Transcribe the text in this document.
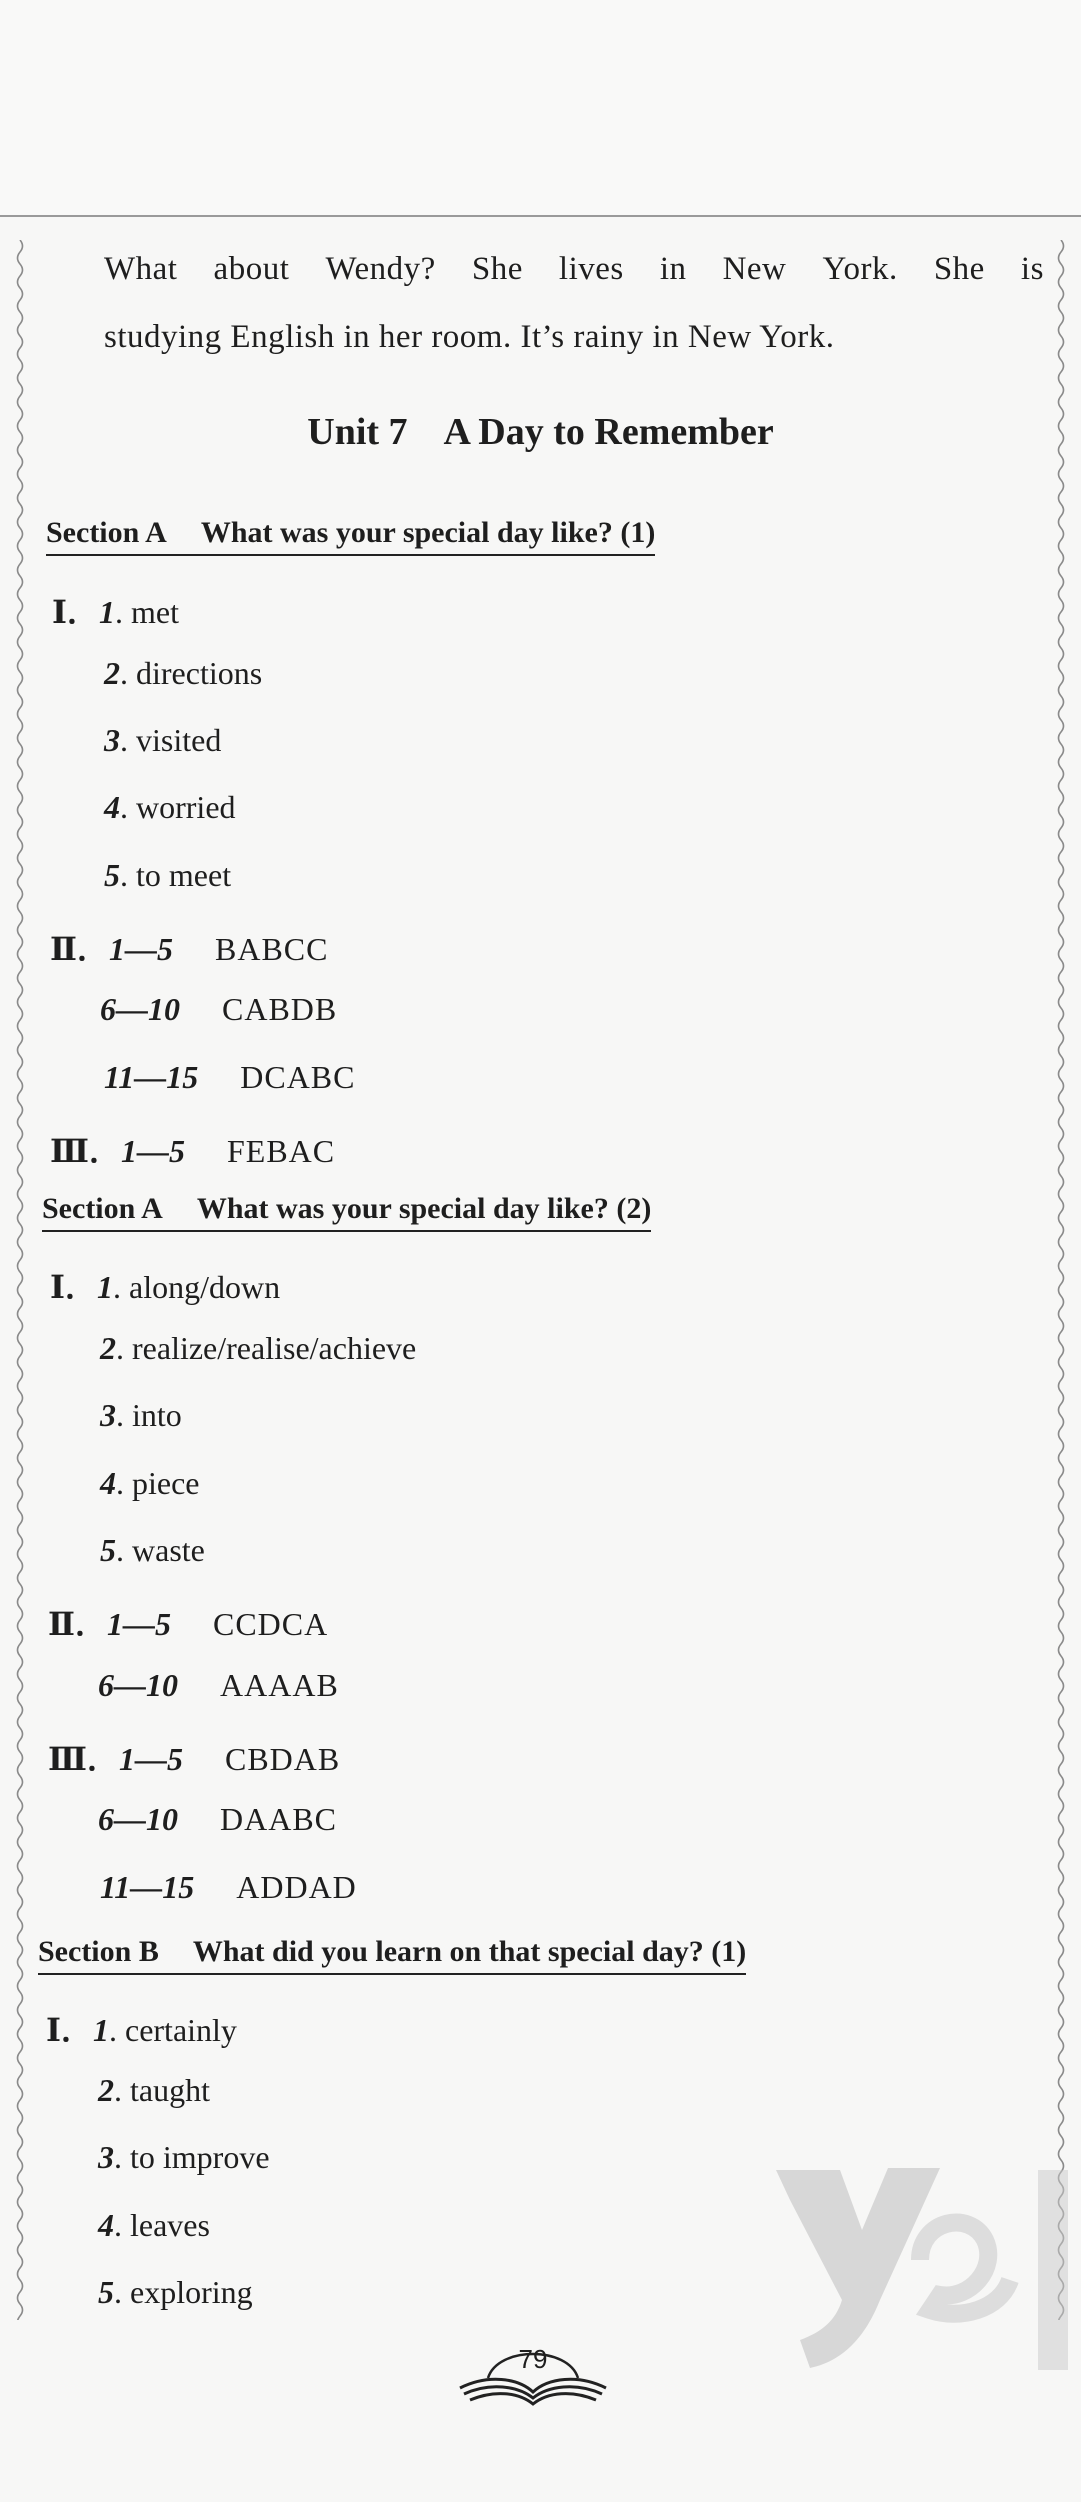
What about Wendy? She lives in New York. She is
studying English in her room. It’s rainy in New York.
Unit 7    A Day to Remember
Section A What was your special day like? (1)
Ⅰ．1. met
2. directions
3. visited
4. worried
5. to meet
Ⅱ．1—5 BABCC
6—10 CABDB
11—15 DCABC
Ⅲ．1—5 FEBAC
Section A What was your special day like? (2)
Ⅰ．1. along/down
2. realize/realise/achieve
3. into
4. piece
5. waste
Ⅱ．1—5 CCDCA
6—10 AAAAB
Ⅲ．1—5 CBDAB
6—10 DAABC
11—15 ADDAD
Section B What did you learn on that special day? (1)
Ⅰ．1. certainly
2. taught
3. to improve
4. leaves
5. exploring
79
